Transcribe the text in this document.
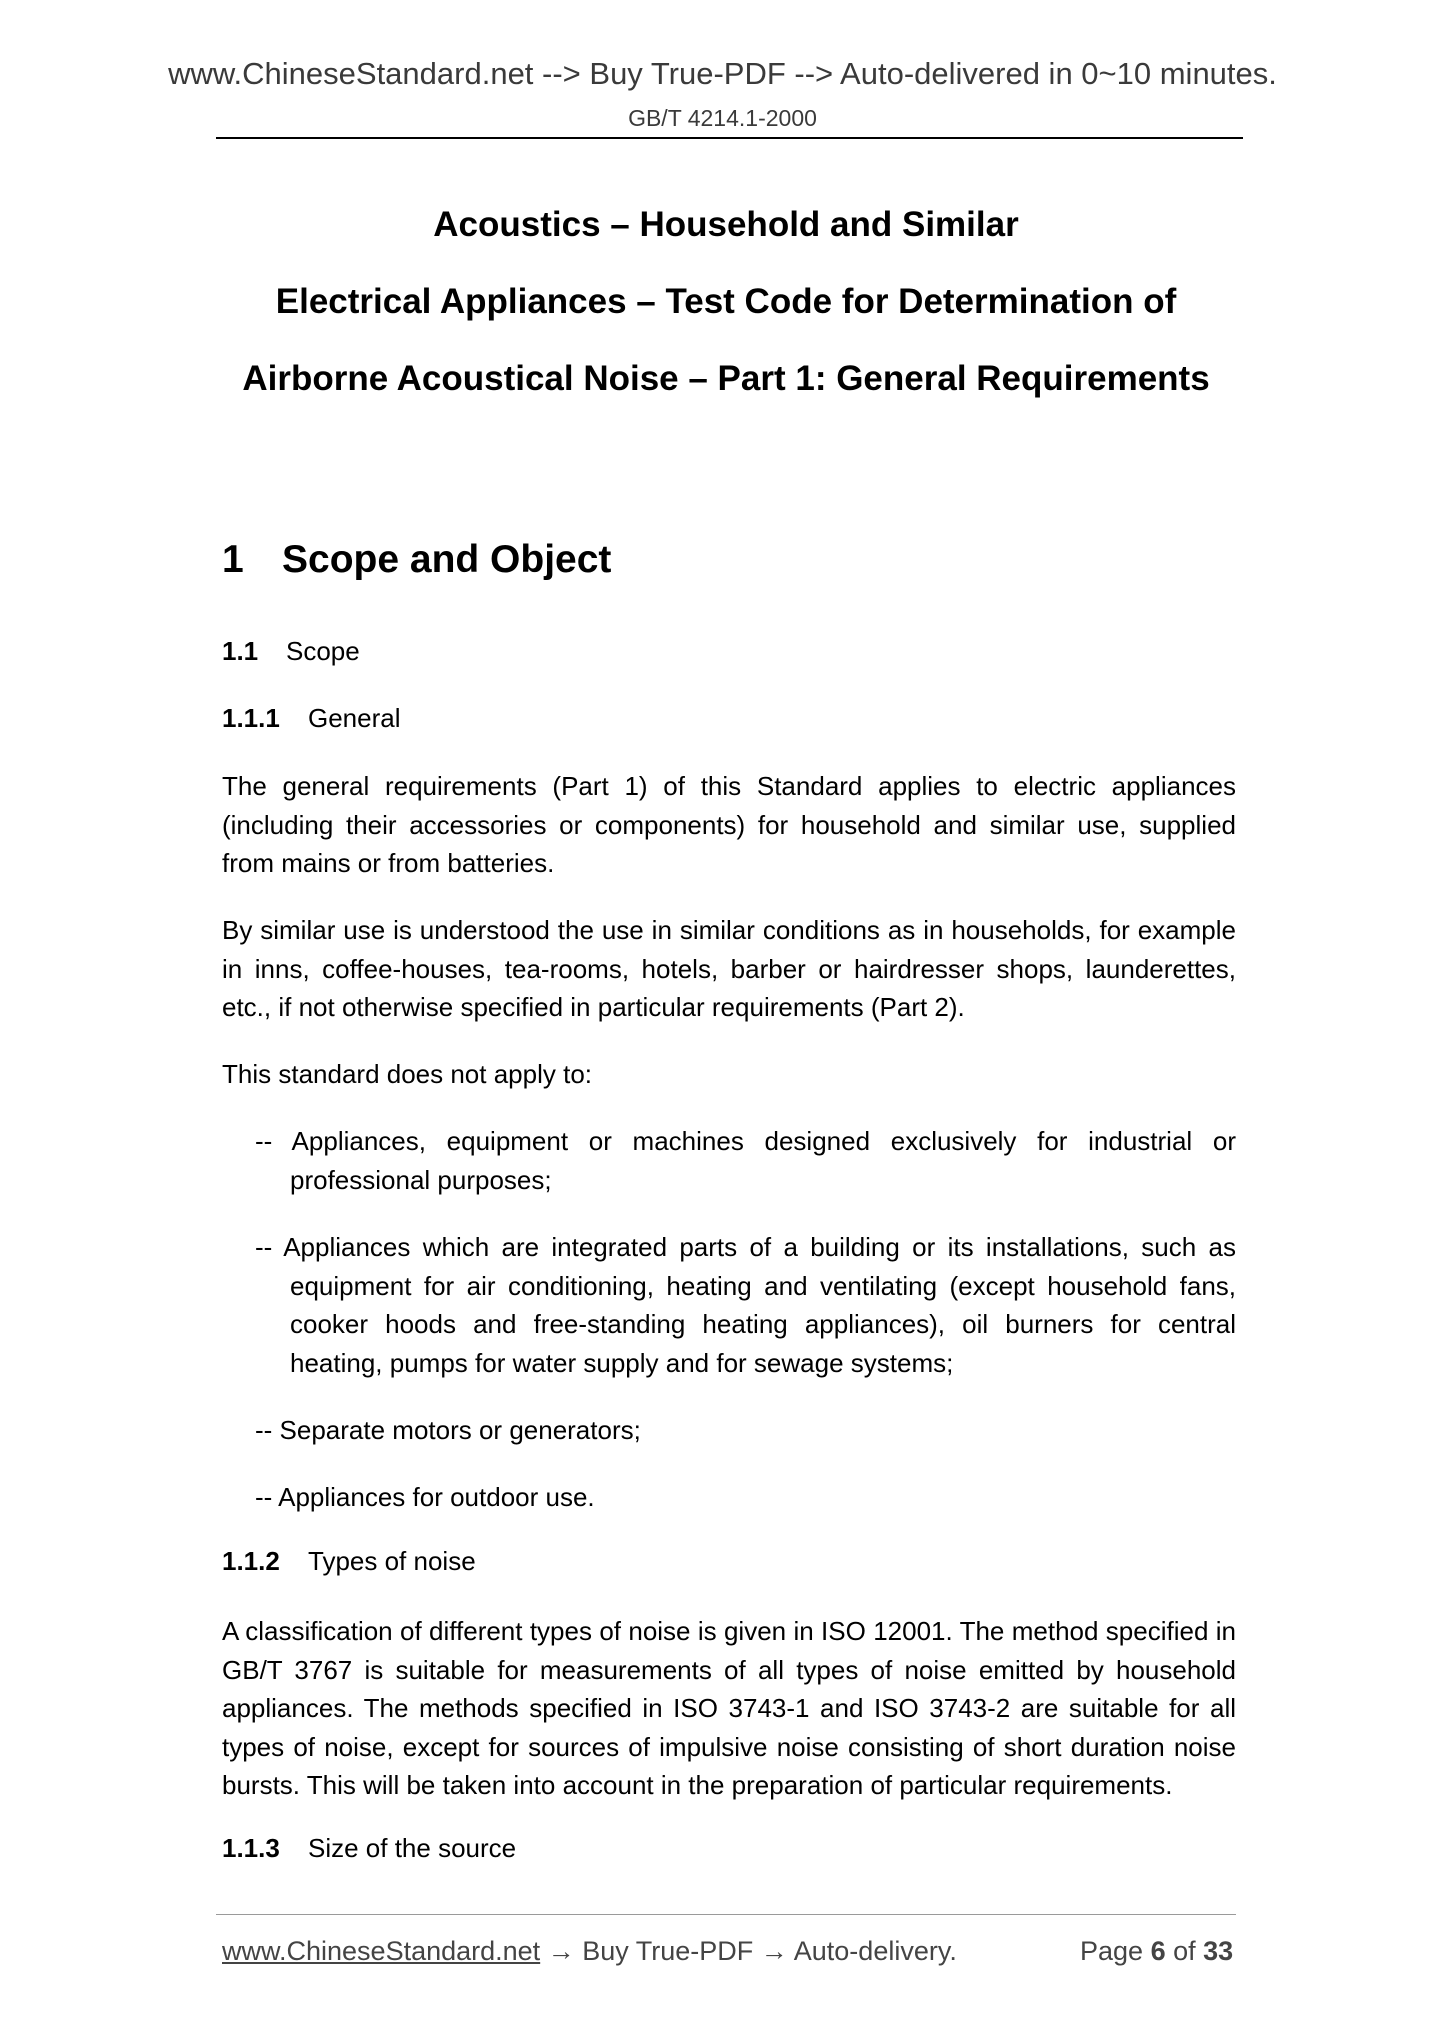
www.ChineseStandard.net --> Buy True-PDF --> Auto-delivered in 0~10 minutes.
GB/T 4214.1-2000
Acoustics – Household and Similar
Electrical Appliances – Test Code for Determination of
Airborne Acoustical Noise – Part 1: General Requirements
1 Scope and Object
1.1 Scope
1.1.1 General
The general requirements (Part 1) of this Standard applies to electric appliances (including their accessories or components) for household and similar use, supplied from mains or from batteries.
By similar use is understood the use in similar conditions as in households, for example in inns, coffee-houses, tea-rooms, hotels, barber or hairdresser shops, launderettes, etc., if not otherwise specified in particular requirements (Part 2).
This standard does not apply to:
-- Appliances, equipment or machines designed exclusively for industrial or professional purposes;
-- Appliances which are integrated parts of a building or its installations, such as equipment for air conditioning, heating and ventilating (except household fans, cooker hoods and free-standing heating appliances), oil burners for central heating, pumps for water supply and for sewage systems;
-- Separate motors or generators;
-- Appliances for outdoor use.
1.1.2 Types of noise
A classification of different types of noise is given in ISO 12001. The method specified in GB/T 3767 is suitable for measurements of all types of noise emitted by household appliances. The methods specified in ISO 3743-1 and ISO 3743-2 are suitable for all types of noise, except for sources of impulsive noise consisting of short duration noise bursts. This will be taken into account in the preparation of particular requirements.
1.1.3 Size of the source
www.ChineseStandard.net → Buy True-PDF → Auto-delivery.	Page 6 of 33
